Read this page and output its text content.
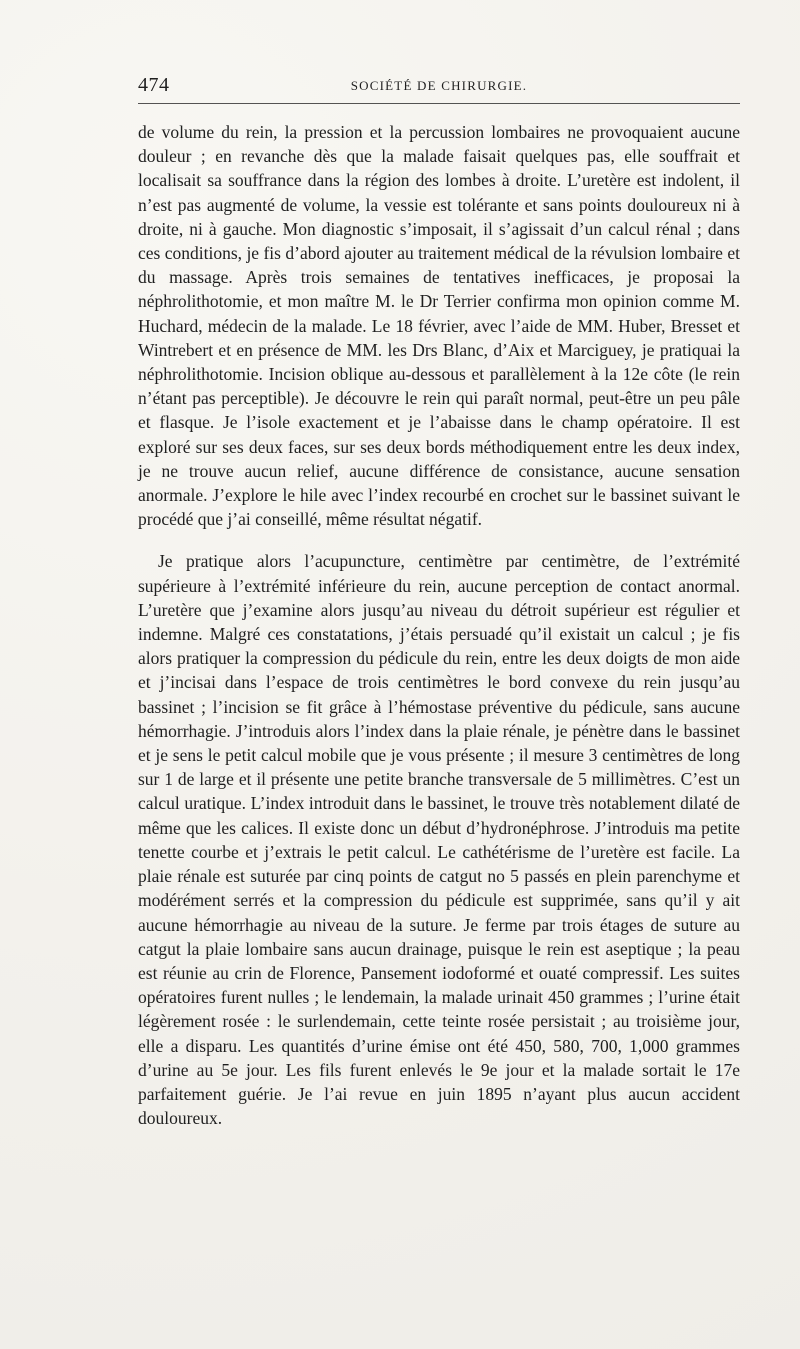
474	SOCIÉTÉ DE CHIRURGIE.

de volume du rein, la pression et la percussion lombaires ne provoquaient aucune douleur ; en revanche dès que la malade faisait quelques pas, elle souffrait et localisait sa souffrance dans la région des lombes à droite. L’uretère est indolent, il n’est pas augmenté de volume, la vessie est tolérante et sans points douloureux ni à droite, ni à gauche. Mon diagnostic s’imposait, il s’agissait d’un calcul rénal ; dans ces conditions, je fis d’abord ajouter au traitement médical de la révulsion lombaire et du massage. Après trois semaines de tentatives inefficaces, je proposai la néphrolithotomie, et mon maître M. le Dr Terrier confirma mon opinion comme M. Huchard, médecin de la malade. Le 18 février, avec l’aide de MM. Huber, Bresset et Wintrebert et en présence de MM. les Drs Blanc, d’Aix et Marciguey, je pratiquai la néphrolithotomie. Incision oblique au-dessous et parallèlement à la 12e côte (le rein n’étant pas perceptible). Je découvre le rein qui paraît normal, peut-être un peu pâle et flasque. Je l’isole exactement et je l’abaisse dans le champ opératoire. Il est exploré sur ses deux faces, sur ses deux bords méthodiquement entre les deux index, je ne trouve aucun relief, aucune différence de consistance, aucune sensation anormale. J’explore le hile avec l’index recourbé en crochet sur le bassinet suivant le procédé que j’ai conseillé, même résultat négatif.

Je pratique alors l’acupuncture, centimètre par centimètre, de l’extrémité supérieure à l’extrémité inférieure du rein, aucune perception de contact anormal. L’uretère que j’examine alors jusqu’au niveau du détroit supérieur est régulier et indemne. Malgré ces constatations, j’étais persuadé qu’il existait un calcul ; je fis alors pratiquer la compression du pédicule du rein, entre les deux doigts de mon aide et j’incisai dans l’espace de trois centimètres le bord convexe du rein jusqu’au bassinet ; l’incision se fit grâce à l’hémostase préventive du pédicule, sans aucune hémorrhagie. J’introduis alors l’index dans la plaie rénale, je pénètre dans le bassinet et je sens le petit calcul mobile que je vous présente ; il mesure 3 centimètres de long sur 1 de large et il présente une petite branche transversale de 5 millimètres. C’est un calcul uratique. L’index introduit dans le bassinet, le trouve très notablement dilaté de même que les calices. Il existe donc un début d’hydronéphrose. J’introduis ma petite tenette courbe et j’extrais le petit calcul. Le cathétérisme de l’uretère est facile. La plaie rénale est suturée par cinq points de catgut no 5 passés en plein parenchyme et modérément serrés et la compression du pédicule est supprimée, sans qu’il y ait aucune hémorrhagie au niveau de la suture. Je ferme par trois étages de suture au catgut la plaie lombaire sans aucun drainage, puisque le rein est aseptique ; la peau est réunie au crin de Florence, Pansement iodoformé et ouaté compressif. Les suites opératoires furent nulles ; le lendemain, la malade urinait 450 grammes ; l’urine était légèrement rosée : le surlendemain, cette teinte rosée persistait ; au troisième jour, elle a disparu. Les quantités d’urine émise ont été 450, 580, 700, 1,000 grammes d’urine au 5e jour. Les fils furent enlevés le 9e jour et la malade sortait le 17e parfaitement guérie. Je l’ai revue en juin 1895 n’ayant plus aucun accident douloureux.
